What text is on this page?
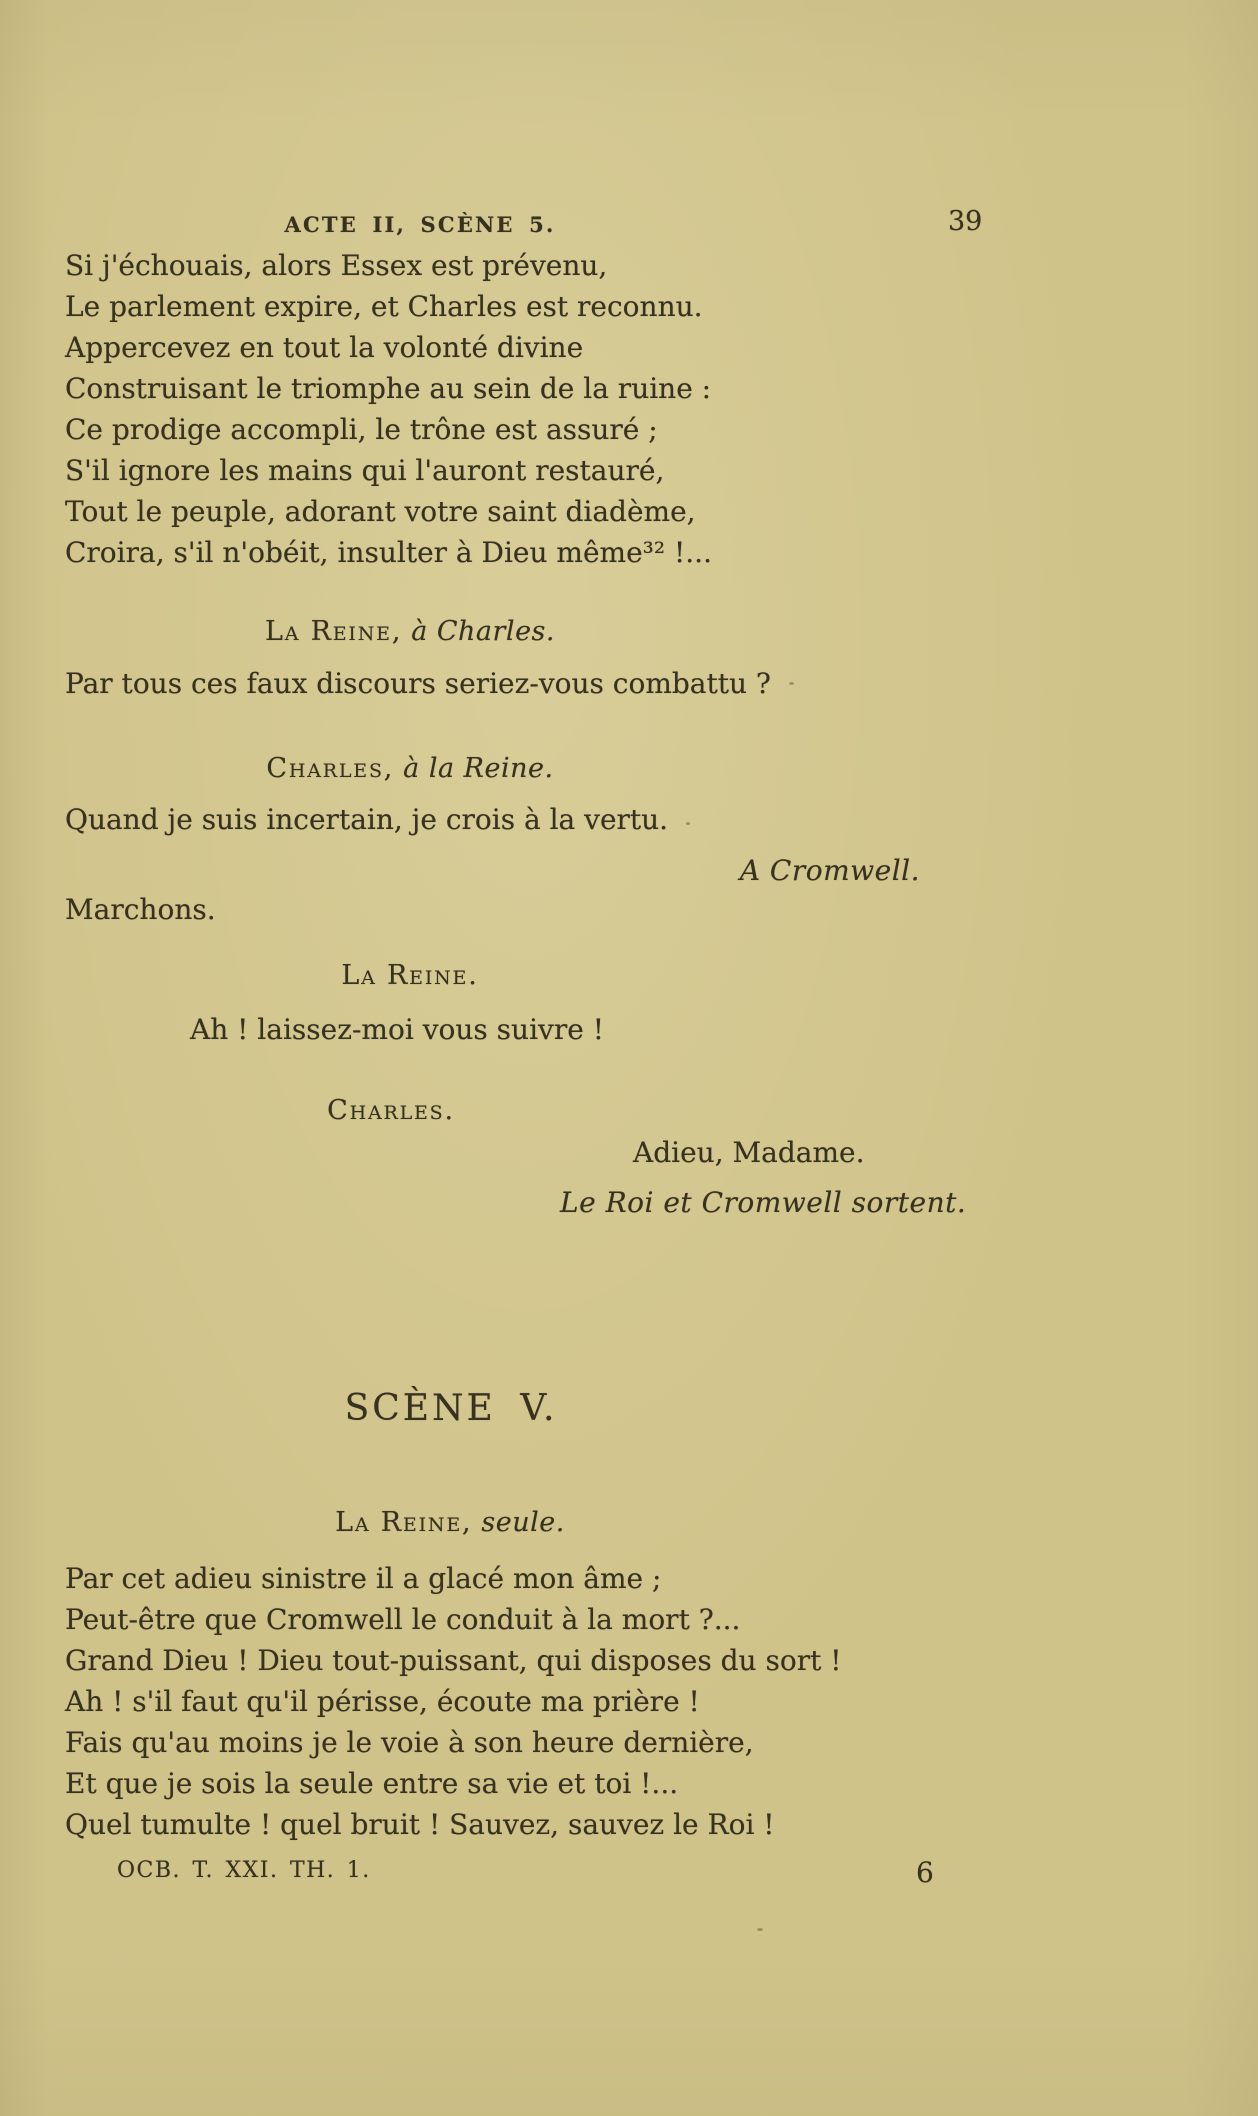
ACTE II, SCÈNE 5.	39
Si j'échouais, alors Essex est prévenu,
Le parlement expire, et Charles est reconnu.
Appercevez en tout la volonté divine
Construisant le triomphe au sein de la ruine :
Ce prodige accompli, le trône est assuré ;
S'il ignore les mains qui l'auront restauré,
Tout le peuple, adorant votre saint diadème,
Croira, s'il n'obéit, insulter à Dieu même³² !...
La Reine, à Charles.
Par tous ces faux discours seriez-vous combattu ?
Charles, à la Reine.
Quand je suis incertain, je crois à la vertu.
A Cromwell.
Marchons.
La Reine.
Ah ! laissez-moi vous suivre !
Charles.
Adieu, Madame.
Le Roi et Cromwell sortent.
SCÈNE V.
La Reine, seule.
Par cet adieu sinistre il a glacé mon âme ;
Peut-être que Cromwell le conduit à la mort ?...
Grand Dieu ! Dieu tout-puissant, qui disposes du sort !
Ah ! s'il faut qu'il périsse, écoute ma prière !
Fais qu'au moins je le voie à son heure dernière,
Et que je sois la seule entre sa vie et toi !...
Quel tumulte ! quel bruit ! Sauvez, sauvez le Roi !
OCB. T. XXI. TH. 1.	6
